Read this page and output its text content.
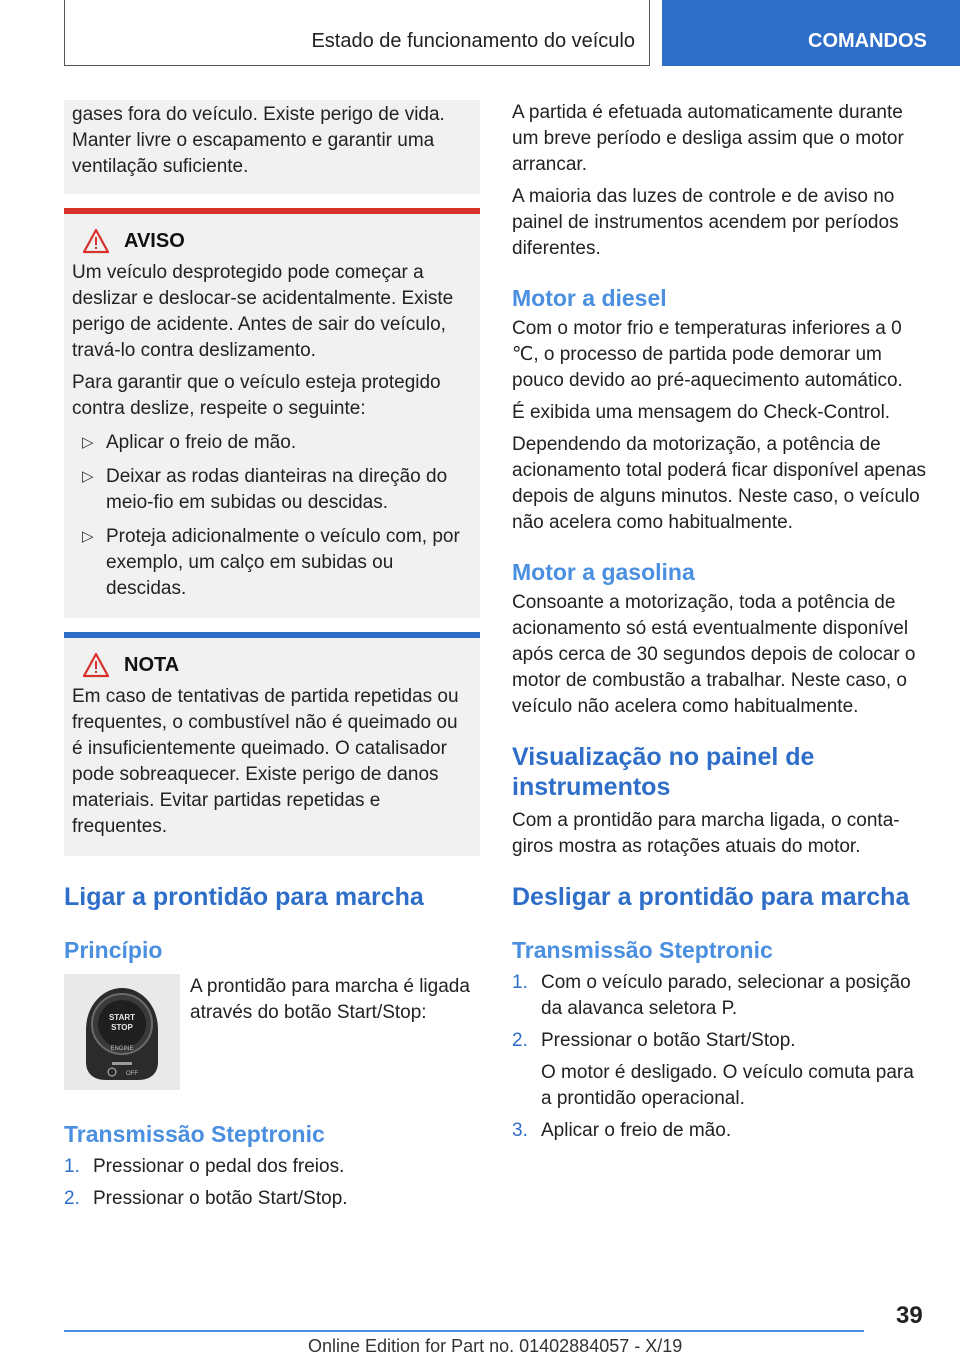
Estado de funcionamento do veículo	COMANDOS

gases fora do veículo. Existe perigo de vida. Manter livre o escapamento e garantir uma ventilação suficiente.

AVISO

Um veículo desprotegido pode começar a deslizar e deslocar-se acidentalmente. Existe perigo de acidente. Antes de sair do veículo, travá-lo contra deslizamento.

Para garantir que o veículo esteja protegido contra deslize, respeite o seguinte:

▷ Aplicar o freio de mão.
▷ Deixar as rodas dianteiras na direção do meio-fio em subidas ou descidas.
▷ Proteja adicionalmente o veículo com, por exemplo, um calço em subidas ou descidas.
NOTA

Em caso de tentativas de partida repetidas ou frequentes, o combustível não é queimado ou é insuficientemente queimado. O catalisador pode sobreaquecer. Existe perigo de danos materiais. Evitar partidas repetidas e frequentes.

Ligar a prontidão para marcha
Princípio
START
STOP
ENGINE
OFF

A prontidão para marcha é ligada através do botão Start/Stop:

Transmissão Steptronic
1. Pressionar o pedal dos freios.
2. Pressionar o botão Start/Stop.

A partida é efetuada automaticamente durante um breve período e desliga assim que o motor arrancar.

A maioria das luzes de controle e de aviso no painel de instrumentos acendem por períodos diferentes.

Motor a diesel

Com o motor frio e temperaturas inferiores a 0 ℃, o processo de partida pode demorar um pouco devido ao pré-aquecimento automático.

É exibida uma mensagem do Check-Control.

Dependendo da motorização, a potência de acionamento total poderá ficar disponível apenas depois de alguns minutos. Neste caso, o veículo não acelera como habitualmente.

Motor a gasolina

Consoante a motorização, toda a potência de acionamento só está eventualmente disponível após cerca de 30 segundos depois de colocar o motor de combustão a trabalhar. Neste caso, o veículo não acelera como habitualmente.

Visualização no painel de instrumentos

Com a prontidão para marcha ligada, o conta-giros mostra as rotações atuais do motor.

Desligar a prontidão para marcha
Transmissão Steptronic
1. Com o veículo parado, selecionar a posição da alavanca seletora P.
2. Pressionar o botão Start/Stop.
O motor é desligado. O veículo comuta para a prontidão operacional.
3. Aplicar o freio de mão.
39
Online Edition for Part no. 01402884057 - X/19
